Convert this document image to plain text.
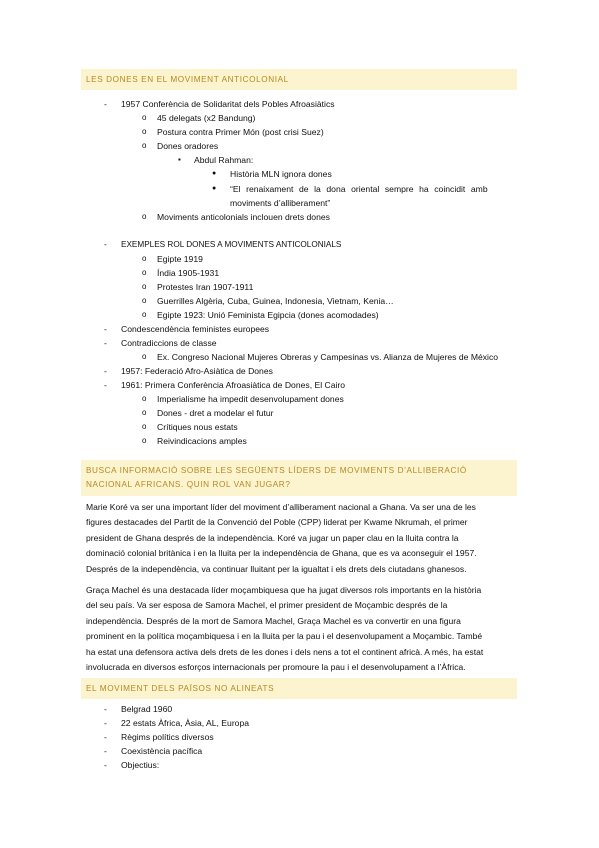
LES DONES EN EL MOVIMENT ANTICOLONIAL
- 1957 Conferència de Solidaritat dels Pobles Afroasiàtics
o 45 delegats (x2 Bandung)
o Postura contra Primer Món (post crisi Suez)
o Dones oradores
▪ Abdul Rahman:
● Història MLN ignora dones
● “El renaixament de la dona oriental sempre ha coincidit amb
moviments d’alliberament”
o Moviments anticolonials inclouen drets dones
- EXEMPLES ROL DONES A MOVIMENTS ANTICOLONIALS
o Egipte 1919
o Índia 1905-1931
o Protestes Iran 1907-1911
o Guerrilles Algèria, Cuba, Guinea, Indonesia, Vietnam, Kenia…
o Egipte 1923: Unió Feminista Egipcia (dones acomodades)
- Condescendència feministes europees
- Contradiccions de classe
o Ex. Congreso Nacional Mujeres Obreras y Campesinas vs. Alianza de Mujeres de México
- 1957: Federació Afro-Asiàtica de Dones
- 1961: Primera Conferència Afroasiàtica de Dones, El Cairo
o Imperialisme ha impedit desenvolupament dones
o Dones - dret a modelar el futur
o Crítiques nous estats
o Reivindicacions amples
BUSCA INFORMACIÓ SOBRE LES SEGÜENTS LÍDERS DE MOVIMENTS D’ALLIBERACIÓ
NACIONAL AFRICANS. QUIN ROL VAN JUGAR?
Marie Koré va ser una important líder del moviment d’alliberament nacional a Ghana. Va ser una de les
figures destacades del Partit de la Convenció del Poble (CPP) liderat per Kwame Nkrumah, el primer
president de Ghana després de la independència. Koré va jugar un paper clau en la lluita contra la
dominació colonial britànica i en la lluita per la independència de Ghana, que es va aconseguir el 1957.
Després de la independència, va continuar lluitant per la igualtat i els drets dels ciutadans ghanesos.
Graça Machel és una destacada líder moçambiquesa que ha jugat diversos rols importants en la història
del seu país. Va ser esposa de Samora Machel, el primer president de Moçambic després de la
independència. Després de la mort de Samora Machel, Graça Machel es va convertir en una figura
prominent en la política moçambiquesa i en la lluita per la pau i el desenvolupament a Moçambic. També
ha estat una defensora activa dels drets de les dones i dels nens a tot el continent africà. A més, ha estat
involucrada en diversos esforços internacionals per promoure la pau i el desenvolupament a l’Àfrica.
EL MOVIMENT DELS PAÏSOS NO ALINEATS
- Belgrad 1960
- 22 estats Àfrica, Àsia, AL, Europa
- Règims polítics diversos
- Coexistència pacífica
- Objectius:
